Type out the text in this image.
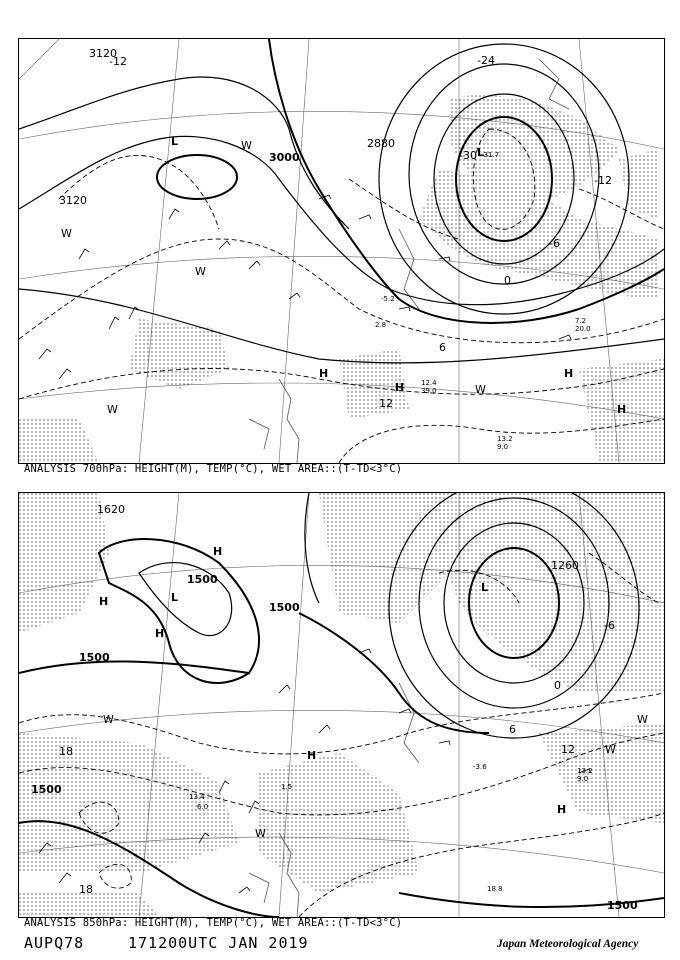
3120
3120
3000
2880
-12	-24
-30
-12
-6
0
6
12
L
L
H
H
H
H
W
W
W
W
W
2.8
-5.2
13.2
9.0
7.2
20.0
12.4
39.0
-31.7
ANALYSIS 700hPa: HEIGHT(M), TEMP(°C), WET AREA::(T-TD<3°C)
1620
1500
1500
1500
1500
1260
1500
-6
0
6
12
18
18
H
H
H
L
L
H
H
W
W
W
W
13.2
9.0
18.8
-3.6
6.0
1.5
13.4
ANALYSIS 850hPa: HEIGHT(M), TEMP(°C), WET AREA::(T-TD<3°C)
AUPQ78	171200UTC JAN 2019	Japan Meteorological Agency
